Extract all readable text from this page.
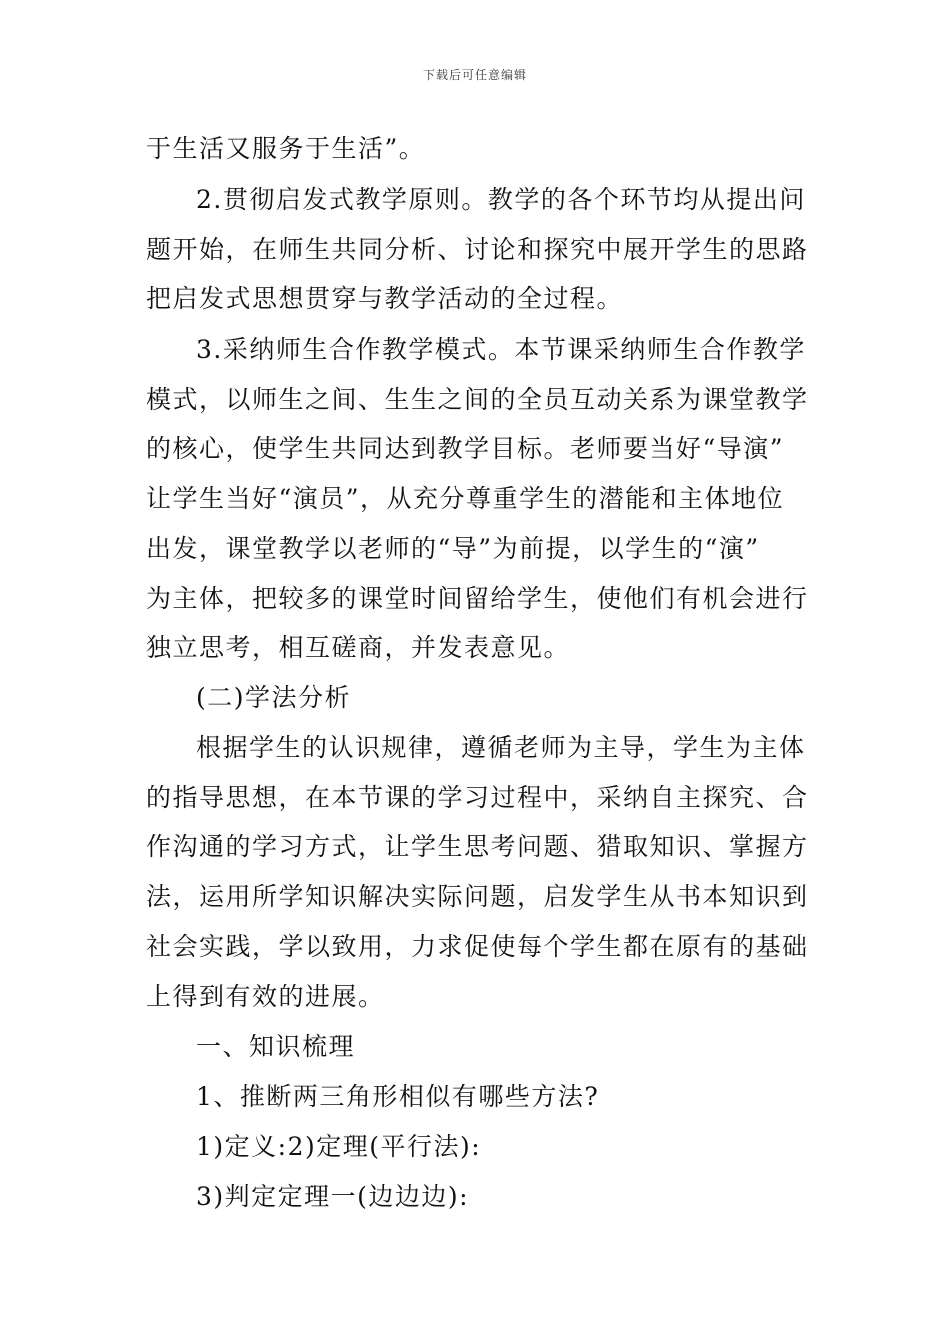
下载后可任意编辑
于生活又服务于生活”。
2.贯彻启发式教学原则。教学的各个环节均从提出问
题开始，在师生共同分析、讨论和探究中展开学生的思路
把启发式思想贯穿与教学活动的全过程。
3.采纳师生合作教学模式。本节课采纳师生合作教学
模式，以师生之间、生生之间的全员互动关系为课堂教学
的核心，使学生共同达到教学目标。老师要当好“导演”
让学生当好“演员”，从充分尊重学生的潜能和主体地位
出发，课堂教学以老师的“导”为前提，以学生的“演”
为主体，把较多的课堂时间留给学生，使他们有机会进行
独立思考，相互磋商，并发表意见。
(二)学法分析
根据学生的认识规律，遵循老师为主导，学生为主体
的指导思想，在本节课的学习过程中，采纳自主探究、合
作沟通的学习方式，让学生思考问题、猎取知识、掌握方
法，运用所学知识解决实际问题，启发学生从书本知识到
社会实践，学以致用，力求促使每个学生都在原有的基础
上得到有效的进展。
一、知识梳理
1、推断两三角形相似有哪些方法?
1)定义:2)定理(平行法):
3)判定定理一(边边边):
